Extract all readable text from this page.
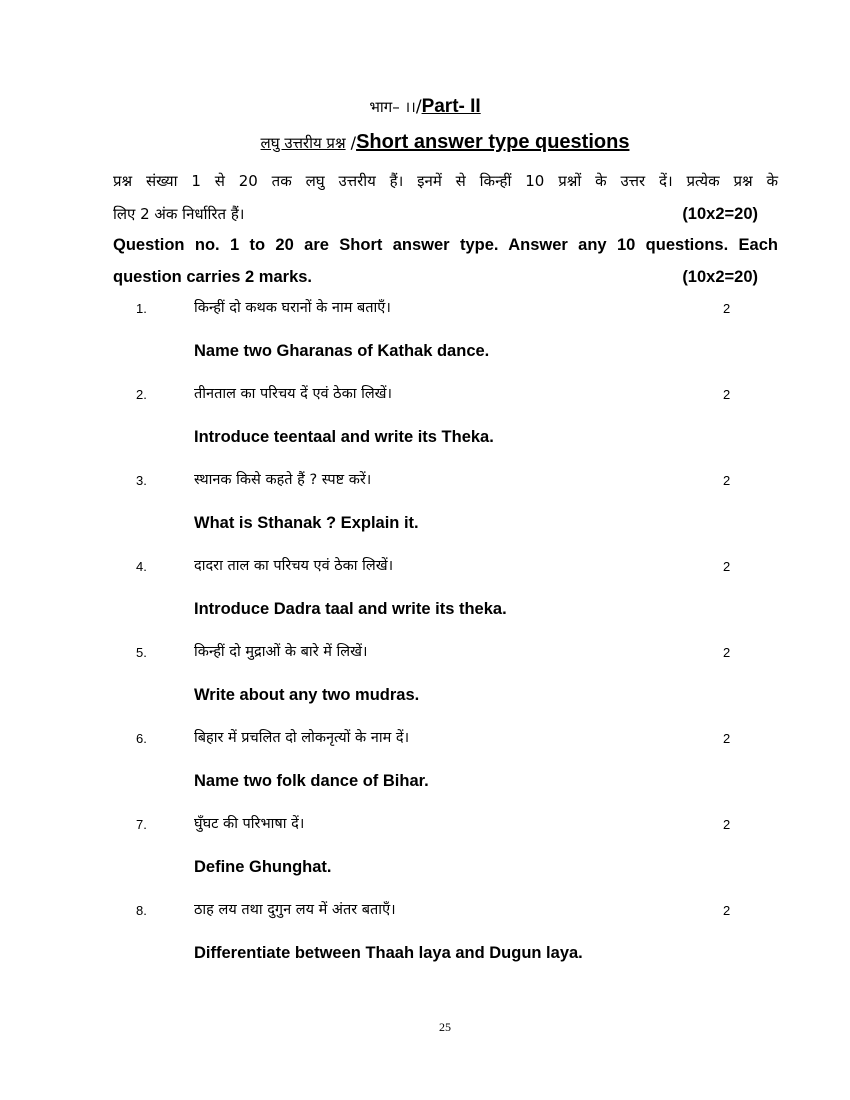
भाग– ।।/Part- II
लघु उत्तरीय प्रश्न /Short answer type questions
प्रश्न संख्या 1 से 20 तक लघु उत्तरीय हैं। इनमें से किन्हीं 10 प्रश्नों के उत्तर दें। प्रत्येक प्रश्न के
लिए 2 अंक निर्धारित हैं।	(10x2=20)
Question no. 1 to 20 are Short answer type. Answer any 10 questions. Each
question carries 2 marks.	(10x2=20)
1.	किन्हीं दो कथक घरानों के नाम बताएँ।	2
Name two Gharanas of Kathak dance.
2.	तीनताल का परिचय दें एवं ठेका लिखें।	2
Introduce teentaal and write its Theka.
3.	स्थानक किसे कहते हैं ? स्पष्ट करें।	2
What is Sthanak ? Explain it.
4.	दादरा ताल का परिचय एवं ठेका लिखें।	2
Introduce Dadra taal and write its theka.
5.	किन्हीं दो मुद्राओं के बारे में लिखें।	2
Write about any two mudras.
6.	बिहार में प्रचलित दो लोकनृत्यों के नाम दें।	2
Name two folk dance of Bihar.
7.	घुँघट की परिभाषा दें।	2
Define Ghunghat.
8.	ठाह लय तथा दुगुन लय में अंतर बताएँ।	2
Differentiate between Thaah laya and Dugun laya.
25
